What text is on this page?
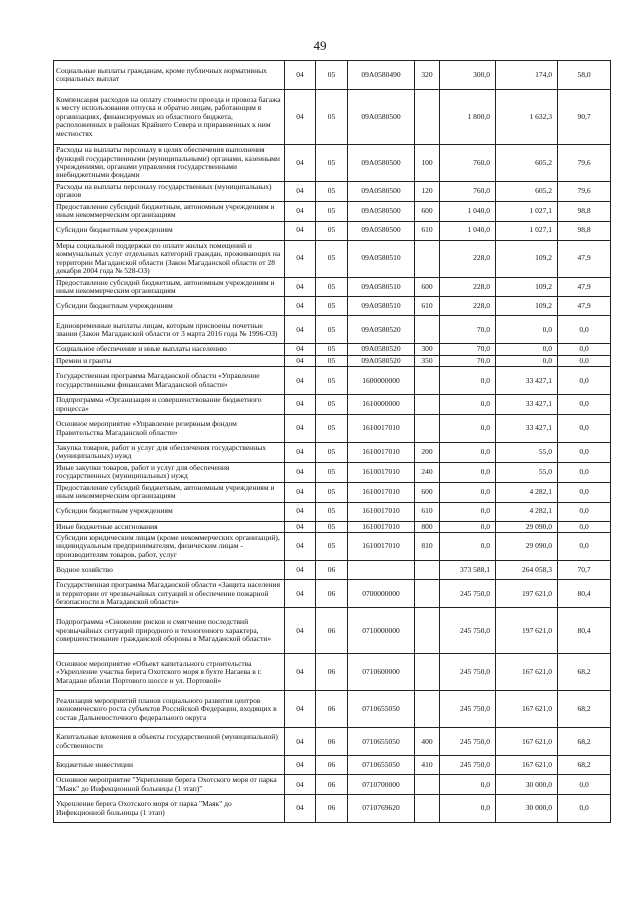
49
Социальные выплаты гражданам, кроме публичных нормативных социальных выплат	04	05	09А0580490	320	300,0	174,0	58,0
Компенсация расходов на оплату стоимости проезда и провоза багажа к месту использования отпуска и обратно лицам, работающим в организациях, финансируемых из областного бюджета, расположенных в районах Крайнего Севера и приравненных к ним местностях	04	05	09А0580500		1 800,0	1 632,3	90,7
Расходы на выплаты персоналу в целях обеспечения выполнения функций государственными (муниципальными) органами, казенными учреждениями, органами управления государственными внебюджетными фондами	04	05	09А0580500	100	760,0	605,2	79,6
Расходы на выплаты персоналу государственных (муниципальных) органов	04	05	09А0580500	120	760,0	605,2	79,6
Предоставление субсидий бюджетным, автономным учреждениям и иным некоммерческим организациям	04	05	09А0580500	600	1 040,0	1 027,1	98,8
Субсидии бюджетным учреждениям	04	05	09А0580500	610	1 040,0	1 027,1	98,8
Меры социальной поддержки по оплате жилых помещений и коммунальных услуг отдельных категорий граждан, проживающих на территории Магаданской области (Закон Магаданской области от 28 декабря 2004 года № 528-ОЗ)	04	05	09А0580510		228,0	109,2	47,9
Предоставление субсидий бюджетным, автономным учреждениям и иным некоммерческим организациям	04	05	09А0580510	600	228,0	109,2	47,9
Субсидии бюджетным учреждениям	04	05	09А0580510	610	228,0	109,2	47,9
Единовременные выплаты лицам, которым присвоены почетные звания (Закон Магаданской области от 3 марта 2016 года № 1996-ОЗ)	04	05	09А0580520		70,0	0,0	0,0
Социальное обеспечение и иные выплаты населению	04	05	09А0580520	300	70,0	0,0	0,0
Премии и гранты	04	05	09А0580520	350	70,0	0,0	0,0
Государственная программа Магаданской области «Управление государственными финансами Магаданской области»	04	05	1600000000		0,0	33 427,1	0,0
Подпрограмма «Организация и совершенствование бюджетного процесса»	04	05	1610000000		0,0	33 427,1	0,0
Основное мероприятие «Управление резервным фондом Правительства Магаданской области»	04	05	1610017010		0,0	33 427,1	0,0
Закупка товаров, работ и услуг для обеспечения государственных (муниципальных) нужд	04	05	1610017010	200	0,0	55,0	0,0
Иные закупки товаров, работ и услуг для обеспечения государственных (муниципальных) нужд	04	05	1610017010	240	0,0	55,0	0,0
Предоставление субсидий бюджетным, автономным учреждениям и иным некоммерческим организациям	04	05	1610017010	600	0,0	4 282,1	0,0
Субсидии бюджетным учреждениям	04	05	1610017010	610	0,0	4 282,1	0,0
Иные бюджетные ассигнования	04	05	1610017010	800	0,0	29 090,0	0,0
Субсидии юридическим лицам (кроме некоммерческих организаций), индивидуальным предпринимателям, физическим лицам - производителям товаров, работ, услуг	04	05	1610017010	810	0,0	29 090,0	0,0
Водное хозяйство	04	06			373 588,1	264 058,3	70,7
Государственная программа Магаданской области «Защита населения и территории от чрезвычайных ситуаций и обеспечение пожарной безопасности в Магаданской области»	04	06	0700000000		245 750,0	197 621,0	80,4
Подпрограмма «Снижение рисков и смягчение последствий чрезвычайных ситуаций природного и техногенного характера, совершенствование гражданской обороны в Магаданской области»	04	06	0710000000		245 750,0	197 621,0	80,4
Основное мероприятие «Объект капитального строительства «Укрепление участка берега Охотского моря в бухте Нагаева в г. Магадане вблизи Портового шоссе и ул. Портовой»	04	06	0710600000		245 750,0	167 621,0	68,2
Реализация мероприятий планов социального развития центров экономического роста субъектов Российской Федерации, входящих в состав Дальневосточного федерального округа	04	06	0710655050		245 750,0	167 621,0	68,2
Капитальные вложения в объекты государственной (муниципальной) собственности	04	06	0710655050	400	245 750,0	167 621,0	68,2
Бюджетные инвестиции	04	06	0710655050	410	245 750,0	167 621,0	68,2
Основное мероприятие "Укрепление берега Охотского моря от парка "Маяк" до Инфекционной больницы (1 этап)"	04	06	0710700000		0,0	30 000,0	0,0
Укрепление берега Охотского моря от парка "Маяк" до Инфекционной больницы (1 этап)	04	06	0710769620		0,0	30 000,0	0,0
